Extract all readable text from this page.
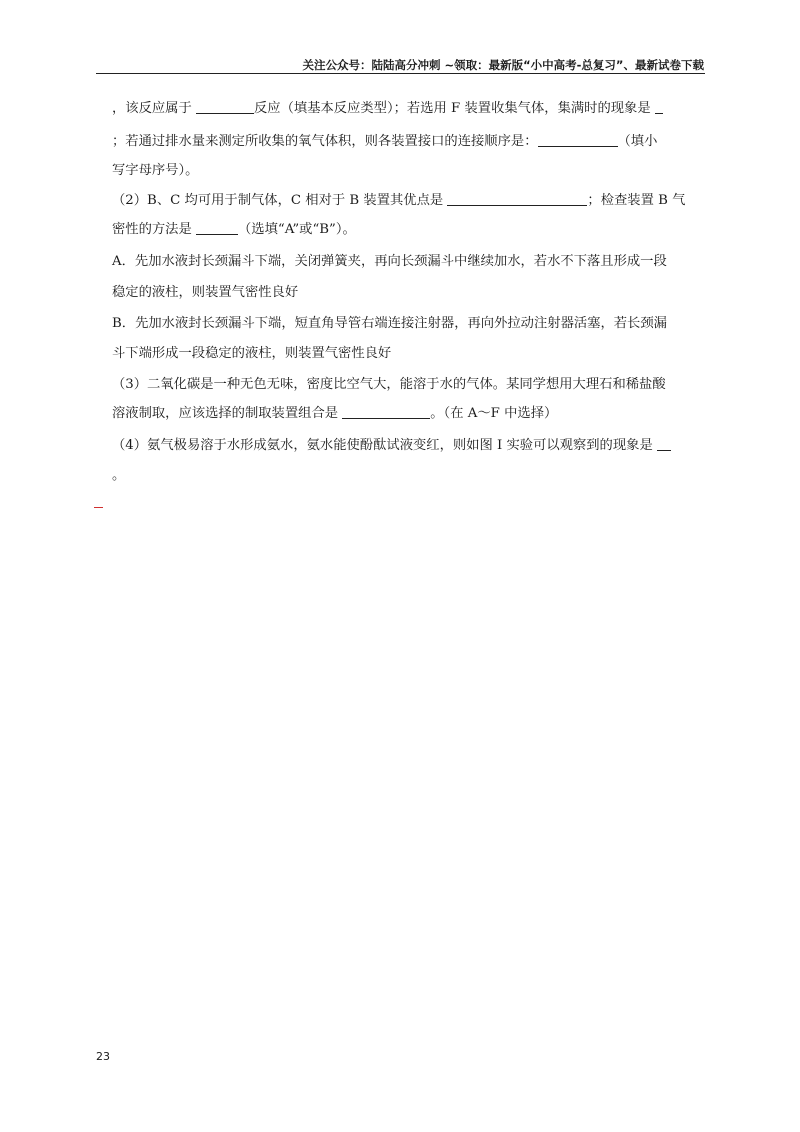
关注公众号：陆陆高分冲刺 ~领取：最新版“小中高考-总复习”、最新试卷下载
，该反应属于	反应（填基本反应类型）；若选用 F 装置收集气体，集满时的现象是
；若通过排水量来测定所收集的氧气体积，则各装置接口的连接顺序是：	（填小
写字母序号）。
（2）B、C 均可用于制气体，C 相对于 B 装置其优点是	；检查装置 B 气
密性的方法是	（选填“A”或“B”）。
A．先加水液封长颈漏斗下端，关闭弹簧夹，再向长颈漏斗中继续加水，若水不下落且形成一段
稳定的液柱，则装置气密性良好
B．先加水液封长颈漏斗下端，短直角导管右端连接注射器，再向外拉动注射器活塞，若长颈漏
斗下端形成一段稳定的液柱，则装置气密性良好
（3）二氧化碳是一种无色无味，密度比空气大，能溶于水的气体。某同学想用大理石和稀盐酸
溶液制取，应该选择的制取装置组合是	。（在 A～F 中选择）
（4）氨气极易溶于水形成氨水，氨水能使酚酞试液变红，则如图 I 实验可以观察到的现象是
。
23
